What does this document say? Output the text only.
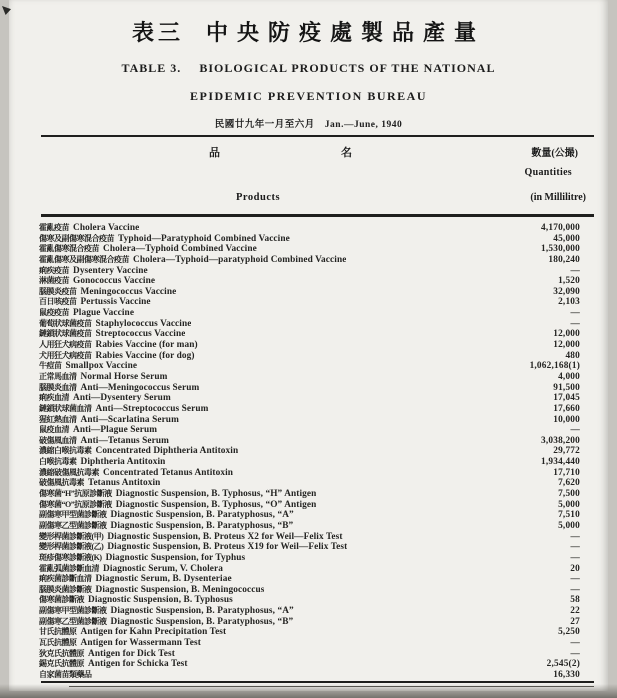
表三 中央防疫處製品產量
TABLE 3. BIOLOGICAL PRODUCTS OF THE NATIONAL
EPIDEMIC PREVENTION BUREAU
民國廿九年一月至六月 Jan.—June, 1940
品	名	數量(公撮)
Quantities
Products	(in Millilitre)
霍亂疫苗 Cholera Vaccine	4,170,000
傷寒及副傷寒混合疫苗 Typhoid—Paratyphoid Combined Vaccine	45,000
霍亂傷寒混合疫苗 Cholera—Typhoid Combined Vaccine	1,530,000
霍亂傷寒及副傷寒混合疫苗 Cholera—Typhoid—paratyphoid Combined Vaccine	180,240
痢疾疫苗 Dysentery Vaccine	—
淋菌疫苗 Gonococcus Vaccine	1,520
腦膜炎疫苗 Meningococcus Vaccine	32,090
百日咳疫苗 Pertussis Vaccine	2,103
鼠疫疫苗 Plague Vaccine	—
葡萄狀球菌疫苗 Staphylococcus Vaccine	—
鏈鎖狀球菌疫苗 Streptococcus Vaccine	12,000
人用狂犬病疫苗 Rabies Vaccine (for man)	12,000
犬用狂犬病疫苗 Rabies Vaccine (for dog)	480
牛痘苗 Smallpox Vaccine	1,062,168(1)
正常馬血清 Normal Horse Serum	4,000
腦膜炎血清 Anti—Meningococcus Serum	91,500
痢疾血清 Anti—Dysentery Serum	17,045
鏈鎖狀球菌血清 Anti—Streptococcus Serum	17,660
猩紅熱血清 Anti—Scarlatina Serum	10,000
鼠疫血清 Anti—Plague Serum	—
破傷風血清 Anti—Tetanus Serum	3,038,200
濃縮白喉抗毒素 Concentrated Diphtheria Antitoxin	29,772
白喉抗毒素 Diphtheria Antitoxin	1,934,440
濃縮破傷風抗毒素 Concentrated Tetanus Antitoxin	17,710
破傷風抗毒素 Tetanus Antitoxin	7,620
傷寒菌“H”抗原診斷液 Diagnostic Suspension, B. Typhosus, “H” Antigen	7,500
傷寒菌“O”抗原診斷液 Diagnostic Suspension, B. Typhosus, “O” Antigen	5,000
副傷寒甲型菌診斷液 Diagnostic Suspension, B. Paratyphosus, “A”	7,510
副傷寒乙型菌診斷液 Diagnostic Suspension, B. Paratyphosus, “B”	5,000
變形桿菌診斷液(甲) Diagnostic Suspension, B. Proteus X2 for Weil—Felix Test	—
變形桿菌診斷液(乙) Diagnostic Suspension, B. Proteus X19 for Weil—Felix Test	—
斑疹傷寒診斷液(K) Diagnostic Suspension, for Typhus	—
霍亂弧菌診斷血清 Diagnostic Serum, V. Cholera	20
痢疾菌診斷血清 Diagnostic Serum, B. Dysenteriae	—
腦膜炎菌診斷液 Diagnostic Suspension, B. Meningococcus	—
傷寒菌診斷液 Diagnostic Suspension, B. Typhosus	58
副傷寒甲型菌診斷液 Diagnostic Suspension, B. Paratyphosus, “A”	22
副傷寒乙型菌診斷液 Diagnostic Suspension, B. Paratyphosus, “B”	27
甘氏抗體原 Antigen for Kahn Precipitation Test	5,250
瓦氏抗體原 Antigen for Wassermann Test	—
狄克氏抗體原 Antigen for Dick Test	—
錫克氏抗體原 Antigen for Schicka Test	2,545(2)
自家菌苗類藥品	16,330
